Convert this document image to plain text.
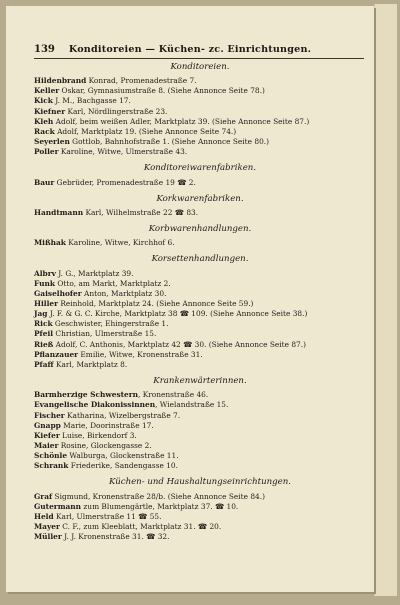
139 Konditoreien — Küchen- zc. Einrichtungen.

Konditoreien.

Hildenbrand Konrad, Promenadestraße 7.

Keller Oskar, Gymnasiumstraße 8. (Siehe Annonce Seite 78.)

Kick J. M., Bachgasse 17.

Kiefner Karl, Nördlingerstraße 23.

Kleh Adolf, beim weißen Adler, Marktplatz 39. (Siehe Annonce Seite 87.)

Rack Adolf, Marktplatz 19. (Siehe Annonce Seite 74.)

Seyerlen Gottlob, Bahnhofstraße 1. (Siehe Annonce Seite 80.)

Poller Karoline, Witwe, Ulmerstraße 43.

Konditoreiwarenfabriken.

Baur Gebrüder, Promenadestraße 19 ☎ 2.

Korkwarenfabriken.

Handtmann Karl, Wilhelmstraße 22 ☎ 83.

Korbwarenhandlungen.

Mißhak Karoline, Witwe, Kirchhof 6.

Korsettenhandlungen.

Albrv J. G., Marktplatz 39.

Funk Otto, am Markt, Marktplatz 2.

Gaiselhofer Anton, Marktplatz 30.

Hiller Reinhold, Marktplatz 24. (Siehe Annonce Seite 59.)

Jag J. F. & G. C. Kirche, Marktplatz 38 ☎ 109. (Siehe Annonce Seite 38.)

Rick Geschwister, Ehingerstraße 1.

Pfeil Christian, Ulmerstraße 15.

Rieß Adolf, C. Anthonis, Marktplatz 42 ☎ 30. (Siehe Annonce Seite 87.)

Pflanzauer Emilie, Witwe, Kronenstraße 31.

Pfaff Karl, Marktplatz 8.

Krankenwärterinnen.

Barmherzige Schwestern, Kronenstraße 46.

Evangelische Diakonissinnen, Wielandstraße 15.

Fischer Katharina, Wizelbergstraße 7.

Gnapp Marie, Doorinstraße 17.

Kiefer Luise, Birkendorf 3.

Maier Rosine, Glockengasse 2.

Schönle Walburga, Glockenstraße 11.

Schrank Friederike, Sandengasse 10.

Küchen- und Haushaltungseinrichtungen.

Graf Sigmund, Kronenstraße 28/b. (Siehe Annonce Seite 84.)

Gutermann zum Blumengärtle, Marktplatz 37. ☎ 10.

Held Karl, Ulmerstraße 11 ☎ 55.

Mayer C. F., zum Kleeblatt, Marktplatz 31. ☎ 20.

Müller J. J. Kronenstraße 31. ☎ 32.
